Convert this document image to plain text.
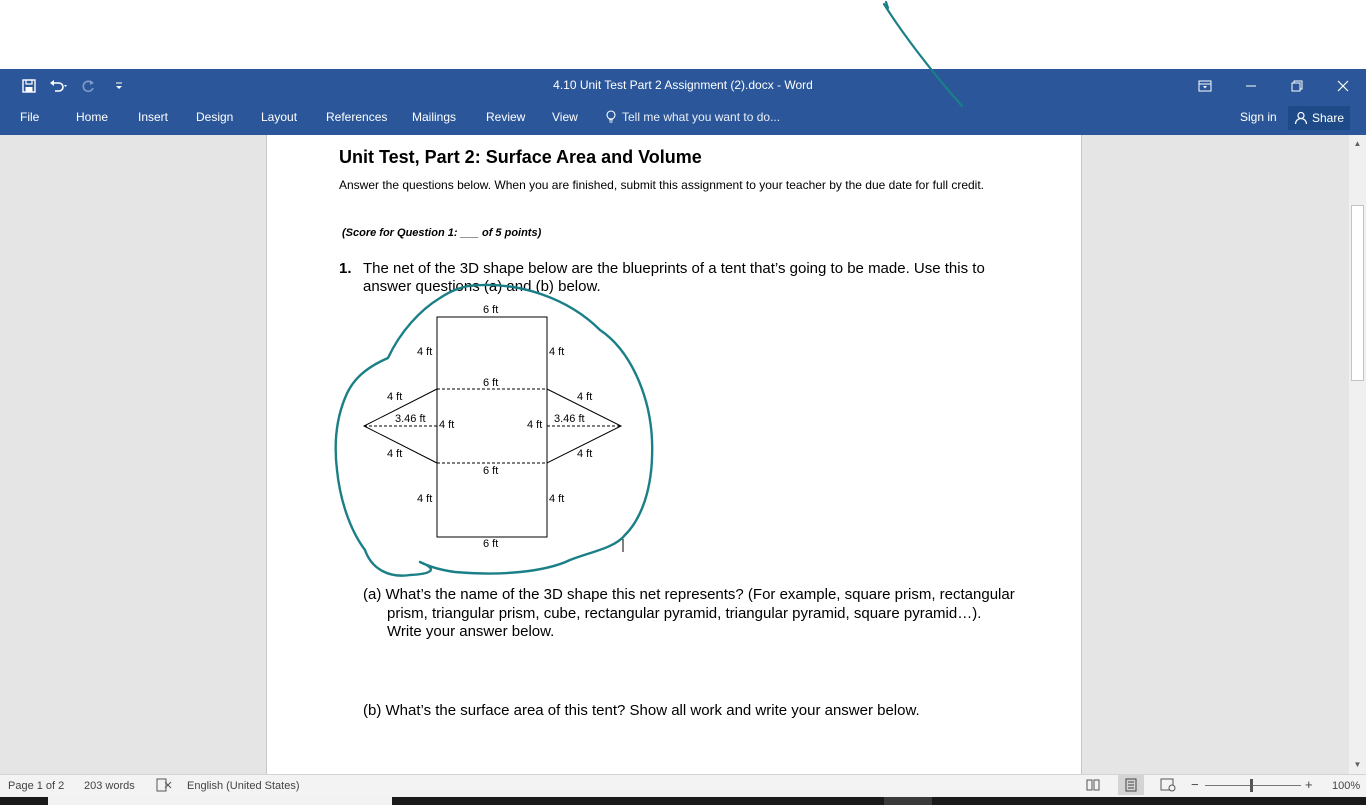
4.10 Unit Test Part 2 Assignment (2).docx - Word
File	Home Insert Design Layout References Mailings Review View	Tell me what you want to do...	Sign in	Share
Unit Test, Part 2: Surface Area and Volume
Answer the questions below. When you are finished, submit this assignment to your teacher by the due date for full credit.
(Score for Question 1: ___ of 5 points)
1. The net of the 3D shape below are the blueprints of a tent that’s going to be made. Use this to answer questions (a) and (b) below.
6 ft
4 ft	4 ft
6 ft
4 ft	4 ft
3.46 ft 4 ft	4 ft 3.46 ft
4 ft	4 ft
6 ft
4 ft	4 ft
6 ft
(a) What’s the name of the 3D shape this net represents? (For example, square prism, rectangular prism, triangular prism, cube, rectangular pyramid, triangular pyramid, square pyramid…). Write your answer below.
(b) What’s the surface area of this tent? Show all work and write your answer below.
▲
▼
Page 1 of 2 203 words	English (United States)	−	+ 100%
